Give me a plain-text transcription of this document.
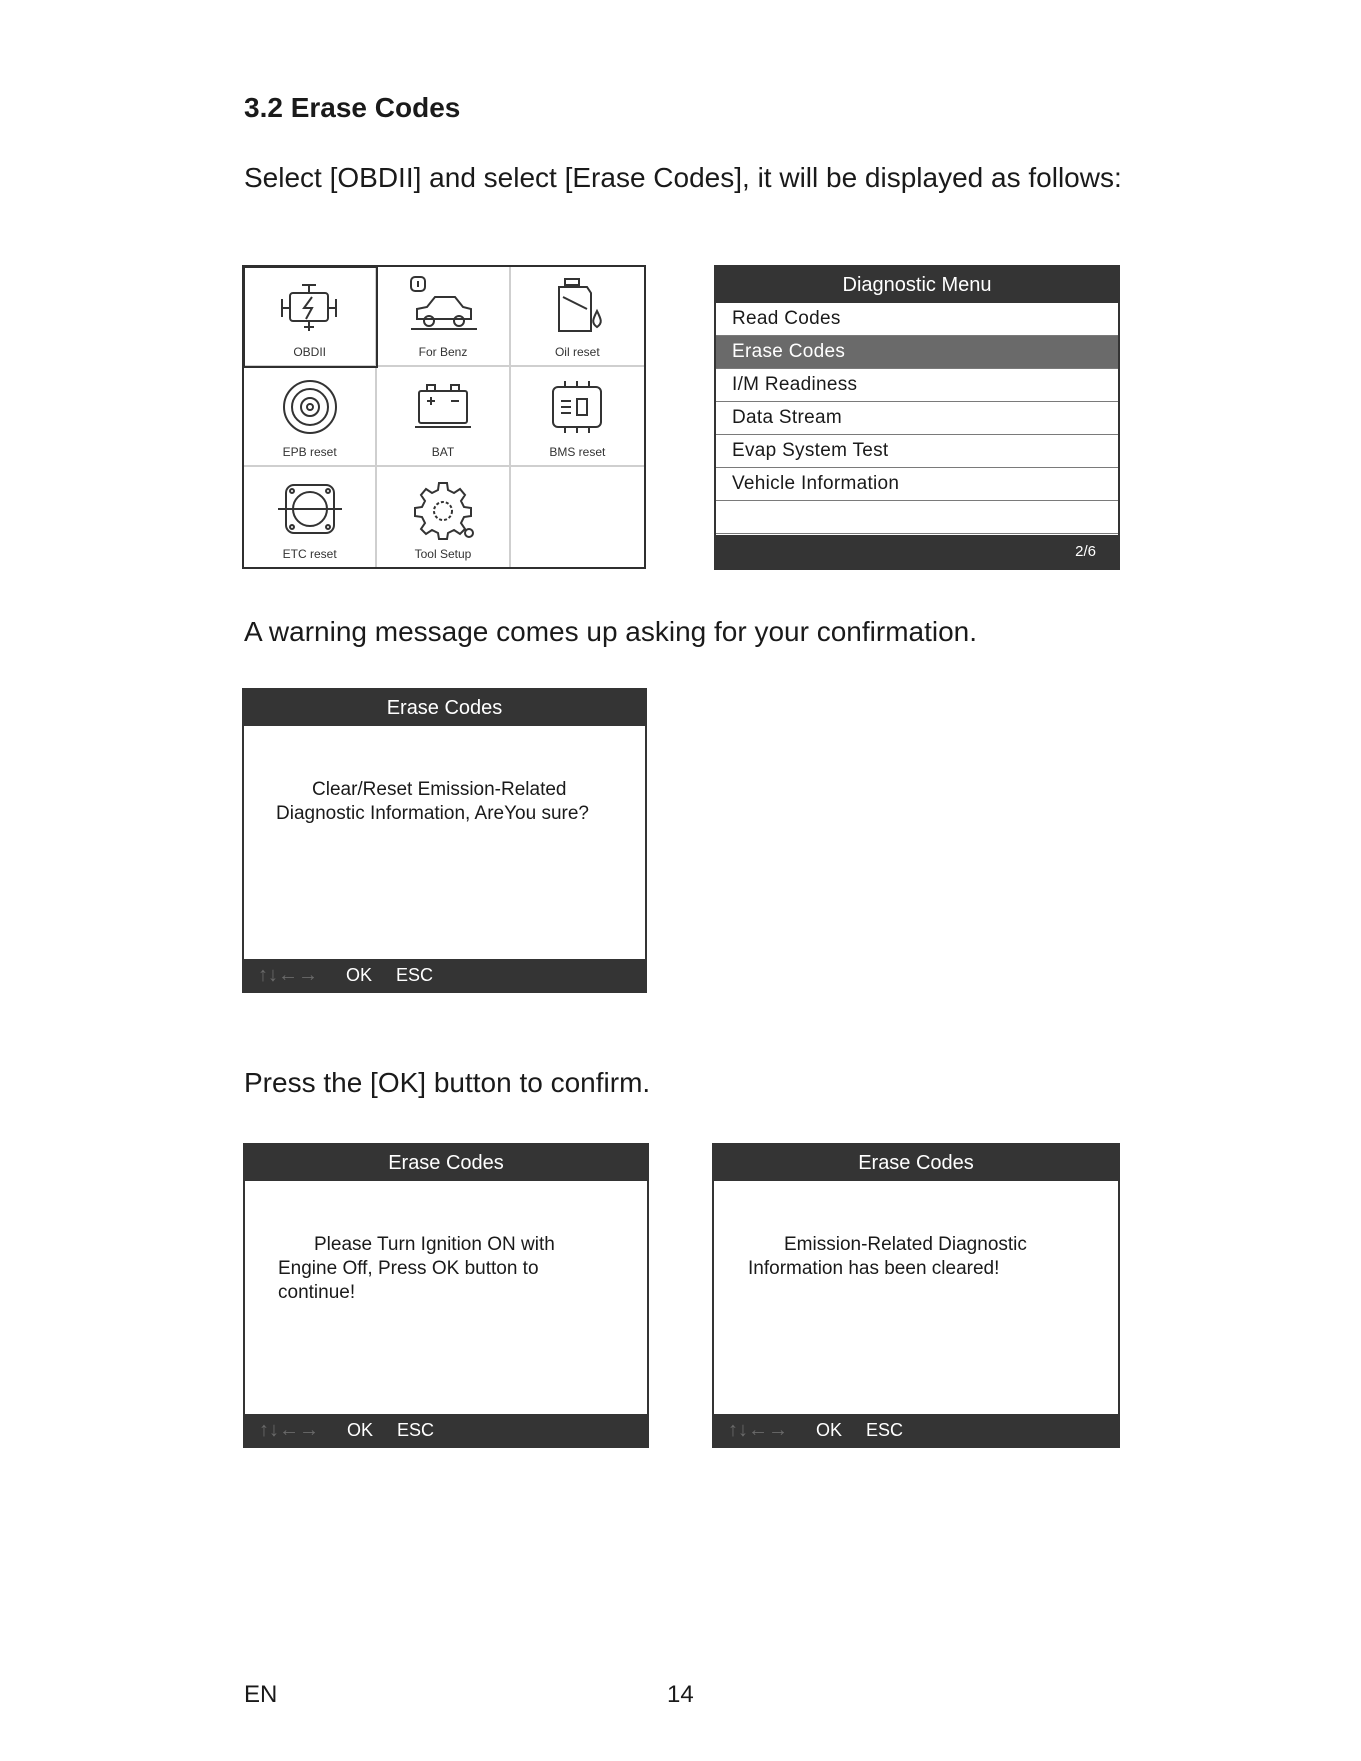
3.2 Erase Codes

Select [OBDII] and select [Erase Codes], it will be displayed as follows:

OBDII	For Benz	Oil reset
EPB reset	BAT	BMS reset
ETC reset	Tool Setup
Diagnostic Menu
Read Codes
Erase Codes
I/M Readiness
Data Stream
Evap System Test
Vehicle Information
2/6

A warning message comes up asking for your confirmation.

Erase Codes
Clear/Reset Emission-Related Diagnostic Information, AreYou sure?
↑↓←→ OK ESC

Press the [OK] button to confirm.

Erase Codes
Please Turn Ignition ON with Engine Off, Press OK button to continue!
↑↓←→ OK ESC
Erase Codes
Emission-Related Diagnostic Information has been cleared!
↑↓←→ OK ESC
EN	14
